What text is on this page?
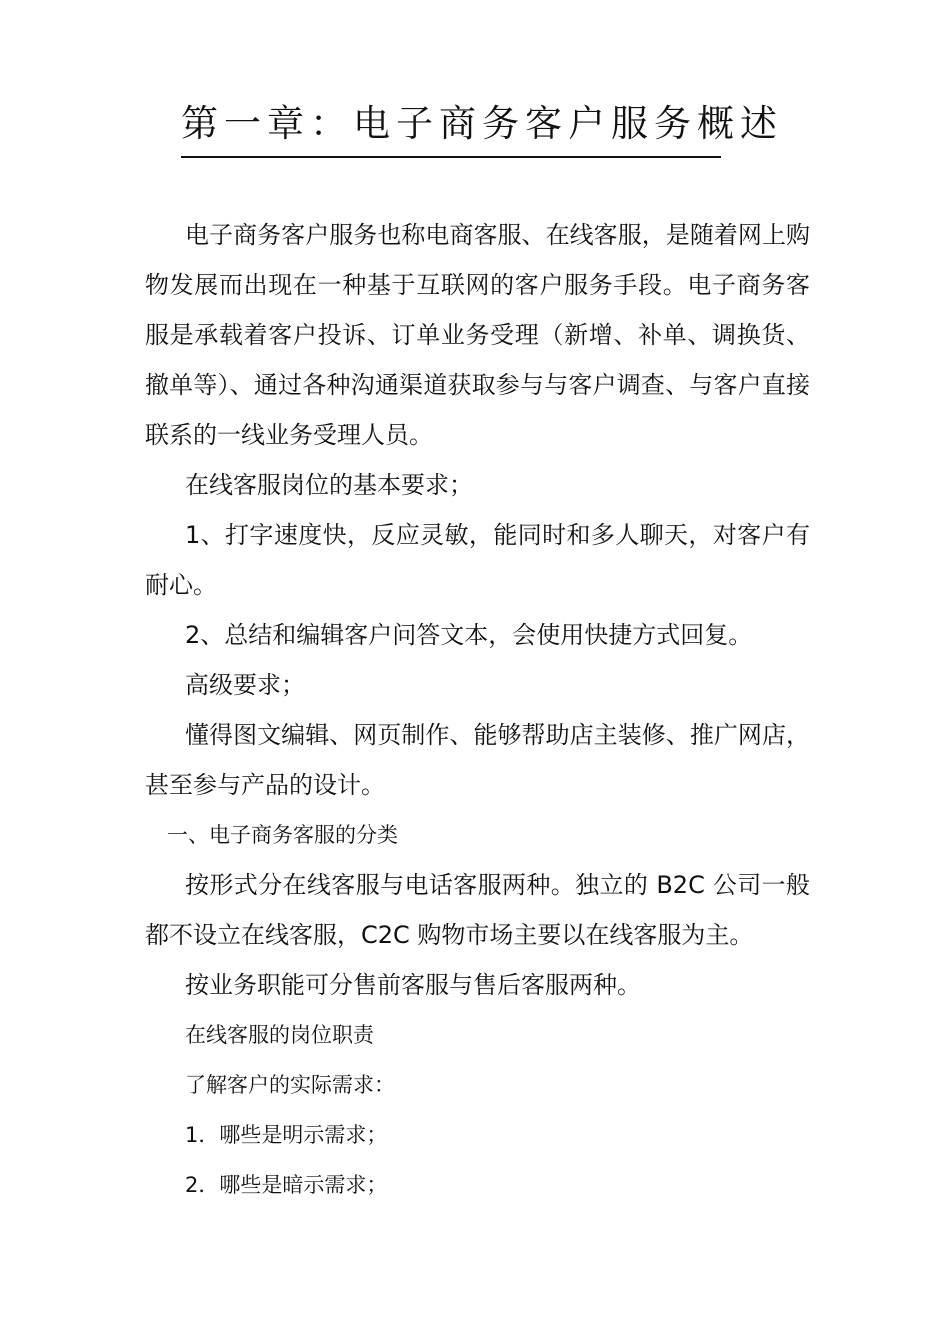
第一章：电子商务客户服务概述

电子商务客户服务也称电商客服、在线客服，是随着网上购物发展而出现在一种基于互联网的客户服务手段。电子商务客服是承载着客户投诉、订单业务受理（新增、补单、调换货、撤单等）、通过各种沟通渠道获取参与与客户调查、与客户直接联系的一线业务受理人员。

在线客服岗位的基本要求；

1、打字速度快，反应灵敏，能同时和多人聊天，对客户有耐心。

2、总结和编辑客户问答文本，会使用快捷方式回复。

高级要求；

懂得图文编辑、网页制作、能够帮助店主装修、推广网店，甚至参与产品的设计。

一、电子商务客服的分类

按形式分在线客服与电话客服两种。独立的 B2C 公司一般都不设立在线客服，C2C 购物市场主要以在线客服为主。

按业务职能可分售前客服与售后客服两种。

在线客服的岗位职责

了解客户的实际需求：

1．哪些是明示需求；

2．哪些是暗示需求；
